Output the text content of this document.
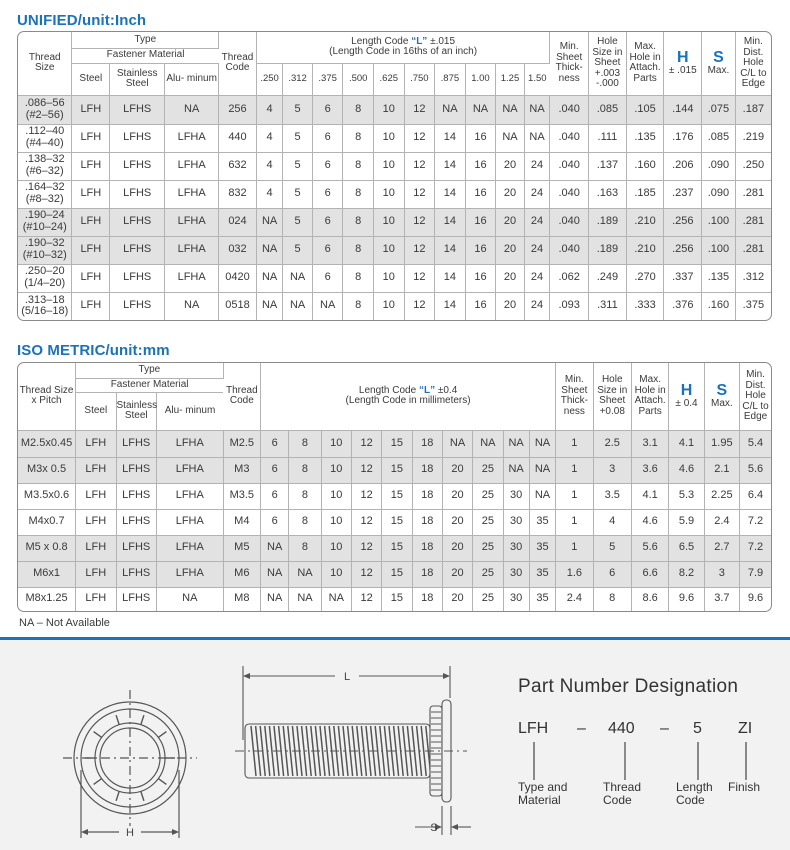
UNIFIED/unit:Inch
Thread Size	Type			Thread Code	Length Code “L” ±.015
(Length Code in 16ths of an inch)										Min. Sheet Thick- ness	Hole Size in Sheet +.003 -.000	Max. Hole in Attach. Parts	H
± .015	S
Max.	Min. Dist. Hole C/L to Edge
	Fastener Material																			
	Steel	Stainless Steel	Alu- minum		.250	.312	.375	.500	.625	.750	.875	1.00	1.25	1.50						
.086–56 (#2–56)	LFH	LFHS	NA	256	4	5	6	8	10	12	NA	NA	NA	NA	.040	.085	.105	.144	.075	.187
.112–40 (#4–40)	LFH	LFHS	LFHA	440	4	5	6	8	10	12	14	16	NA	NA	.040	.111	.135	.176	.085	.219
.138–32 (#6–32)	LFH	LFHS	LFHA	632	4	5	6	8	10	12	14	16	20	24	.040	.137	.160	.206	.090	.250
.164–32 (#8–32)	LFH	LFHS	LFHA	832	4	5	6	8	10	12	14	16	20	24	.040	.163	.185	.237	.090	.281
.190–24 (#10–24)	LFH	LFHS	LFHA	024	NA	5	6	8	10	12	14	16	20	24	.040	.189	.210	.256	.100	.281
.190–32 (#10–32)	LFH	LFHS	LFHA	032	NA	5	6	8	10	12	14	16	20	24	.040	.189	.210	.256	.100	.281
.250–20 (1/4–20)	LFH	LFHS	LFHA	0420	NA	NA	6	8	10	12	14	16	20	24	.062	.249	.270	.337	.135	.312
.313–18 (5/16–18)	LFH	LFHS	NA	0518	NA	NA	NA	8	10	12	14	16	20	24	.093	.311	.333	.376	.160	.375
ISO METRIC/unit:mm
Thread Size x Pitch	Type			Thread Code	Length Code “L” ±0.4
(Length Code in millimeters)										Min. Sheet Thick- ness	Hole Size in Sheet +0.08	Max. Hole in Attach. Parts	H
± 0.4	S
Max.	Min. Dist. Hole C/L to Edge
	Fastener Material																			
	Steel	Stainless Steel	Alu- minum																	
M2.5x0.45	LFH	LFHS	LFHA	M2.5	6	8	10	12	15	18	NA	NA	NA	NA	1	2.5	3.1	4.1	1.95	5.4
M3x 0.5	LFH	LFHS	LFHA	M3	6	8	10	12	15	18	20	25	NA	NA	1	3	3.6	4.6	2.1	5.6
M3.5x0.6	LFH	LFHS	LFHA	M3.5	6	8	10	12	15	18	20	25	30	NA	1	3.5	4.1	5.3	2.25	6.4
M4x0.7	LFH	LFHS	LFHA	M4	6	8	10	12	15	18	20	25	30	35	1	4	4.6	5.9	2.4	7.2
M5 x 0.8	LFH	LFHS	LFHA	M5	NA	8	10	12	15	18	20	25	30	35	1	5	5.6	6.5	2.7	7.2
M6x1	LFH	LFHS	LFHA	M6	NA	NA	10	12	15	18	20	25	30	35	1.6	6	6.6	8.2	3	7.9
M8x1.25	LFH	LFHS	NA	M8	NA	NA	NA	12	15	18	20	25	30	35	2.4	8	8.6	9.6	3.7	9.6
NA – Not Available
H
L
S
Part Number Designation
LFH – 440 – 5 ZI
Type and Material
Thread Code
Length Code
Finish
